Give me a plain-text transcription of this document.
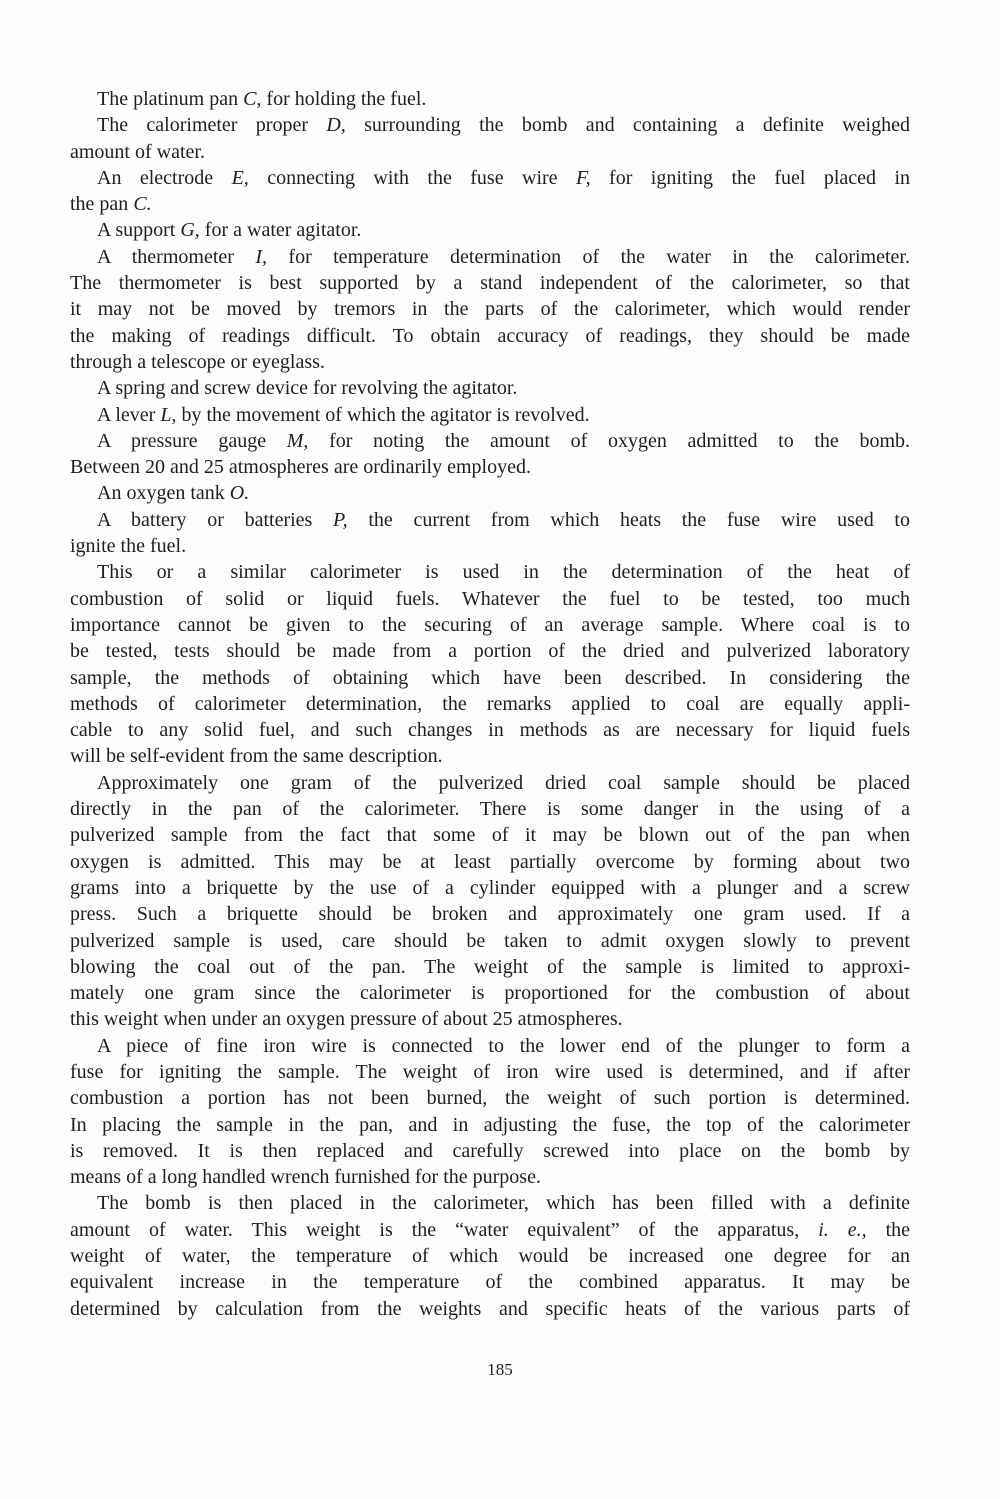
The platinum pan C, for holding the fuel.
The calorimeter proper D, surrounding the bomb and containing a definite weighed
amount of water.
An electrode E, connecting with the fuse wire F, for igniting the fuel placed in
the pan C.
A support G, for a water agitator.
A thermometer I, for temperature determination of the water in the calorimeter.
The thermometer is best supported by a stand independent of the calorimeter, so that
it may not be moved by tremors in the parts of the calorimeter, which would render
the making of readings difficult. To obtain accuracy of readings, they should be made
through a telescope or eyeglass.
A spring and screw device for revolving the agitator.
A lever L, by the movement of which the agitator is revolved.
A pressure gauge M, for noting the amount of oxygen admitted to the bomb.
Between 20 and 25 atmospheres are ordinarily employed.
An oxygen tank O.
A battery or batteries P, the current from which heats the fuse wire used to
ignite the fuel.
This or a similar calorimeter is used in the determination of the heat of
combustion of solid or liquid fuels. Whatever the fuel to be tested, too much
importance cannot be given to the securing of an average sample. Where coal is to
be tested, tests should be made from a portion of the dried and pulverized laboratory
sample, the methods of obtaining which have been described. In considering the
methods of calorimeter determination, the remarks applied to coal are equally appli-
cable to any solid fuel, and such changes in methods as are necessary for liquid fuels
will be self-evident from the same description.
Approximately one gram of the pulverized dried coal sample should be placed
directly in the pan of the calorimeter. There is some danger in the using of a
pulverized sample from the fact that some of it may be blown out of the pan when
oxygen is admitted. This may be at least partially overcome by forming about two
grams into a briquette by the use of a cylinder equipped with a plunger and a screw
press. Such a briquette should be broken and approximately one gram used. If a
pulverized sample is used, care should be taken to admit oxygen slowly to prevent
blowing the coal out of the pan. The weight of the sample is limited to approxi-
mately one gram since the calorimeter is proportioned for the combustion of about
this weight when under an oxygen pressure of about 25 atmospheres.
A piece of fine iron wire is connected to the lower end of the plunger to form a
fuse for igniting the sample. The weight of iron wire used is determined, and if after
combustion a portion has not been burned, the weight of such portion is determined.
In placing the sample in the pan, and in adjusting the fuse, the top of the calorimeter
is removed. It is then replaced and carefully screwed into place on the bomb by
means of a long handled wrench furnished for the purpose.
The bomb is then placed in the calorimeter, which has been filled with a definite
amount of water. This weight is the “water equivalent” of the apparatus, i. e., the
weight of water, the temperature of which would be increased one degree for an
equivalent increase in the temperature of the combined apparatus. It may be
determined by calculation from the weights and specific heats of the various parts of
185
